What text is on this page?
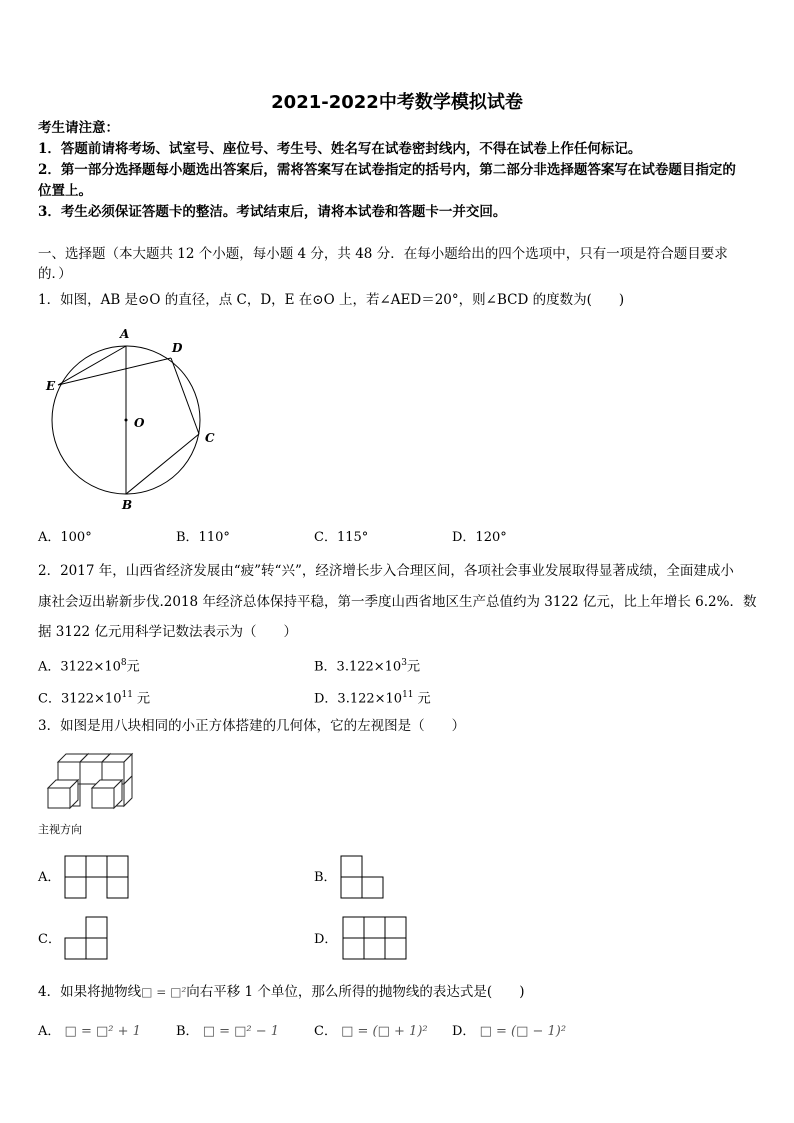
2021-2022中考数学模拟试卷
考生请注意：
1．答题前请将考场、试室号、座位号、考生号、姓名写在试卷密封线内，不得在试卷上作任何标记。
2．第一部分选择题每小题选出答案后，需将答案写在试卷指定的括号内，第二部分非选择题答案写在试卷题目指定的
位置上。
3．考生必须保证答题卡的整洁。考试结束后，请将本试卷和答题卡一并交回。
一、选择题（本大题共 12 个小题，每小题 4 分，共 48 分．在每小题给出的四个选项中，只有一项是符合题目要求
的．）
1．如图，AB 是⊙O 的直径，点 C，D，E 在⊙O 上，若∠AED＝20°，则∠BCD 的度数为(　　)
A
D
E
O
C
B
A．100°	B．110°	C．115°	D．120°
2．2017 年，山西省经济发展由“疲”转“兴”，经济增长步入合理区间，各项社会事业发展取得显著成绩，全面建成小
康社会迈出崭新步伐.2018 年经济总体保持平稳，第一季度山西省地区生产总值约为 3122 亿元，比上年增长 6.2%．数
据 3122 亿元用科学记数法表示为（　　）
A．$3122\times 10^8$元	B．$3.122\times 10^3$元
C．$3122\times 10^{11}$ 元	D．$3.122\times 10^{11}$ 元
3．如图是用八块相同的小正方体搭建的几何体，它的左视图是（　　）
主视方向
A．	B．
C．	D．
4．如果将抛物线□ = □²向右平移 1 个单位，那么所得的抛物线的表达式是(　　)
A． □ = □² + 1	B． □ = □² − 1	C． □ = (□ + 1)² D． □ = (□ − 1)²
